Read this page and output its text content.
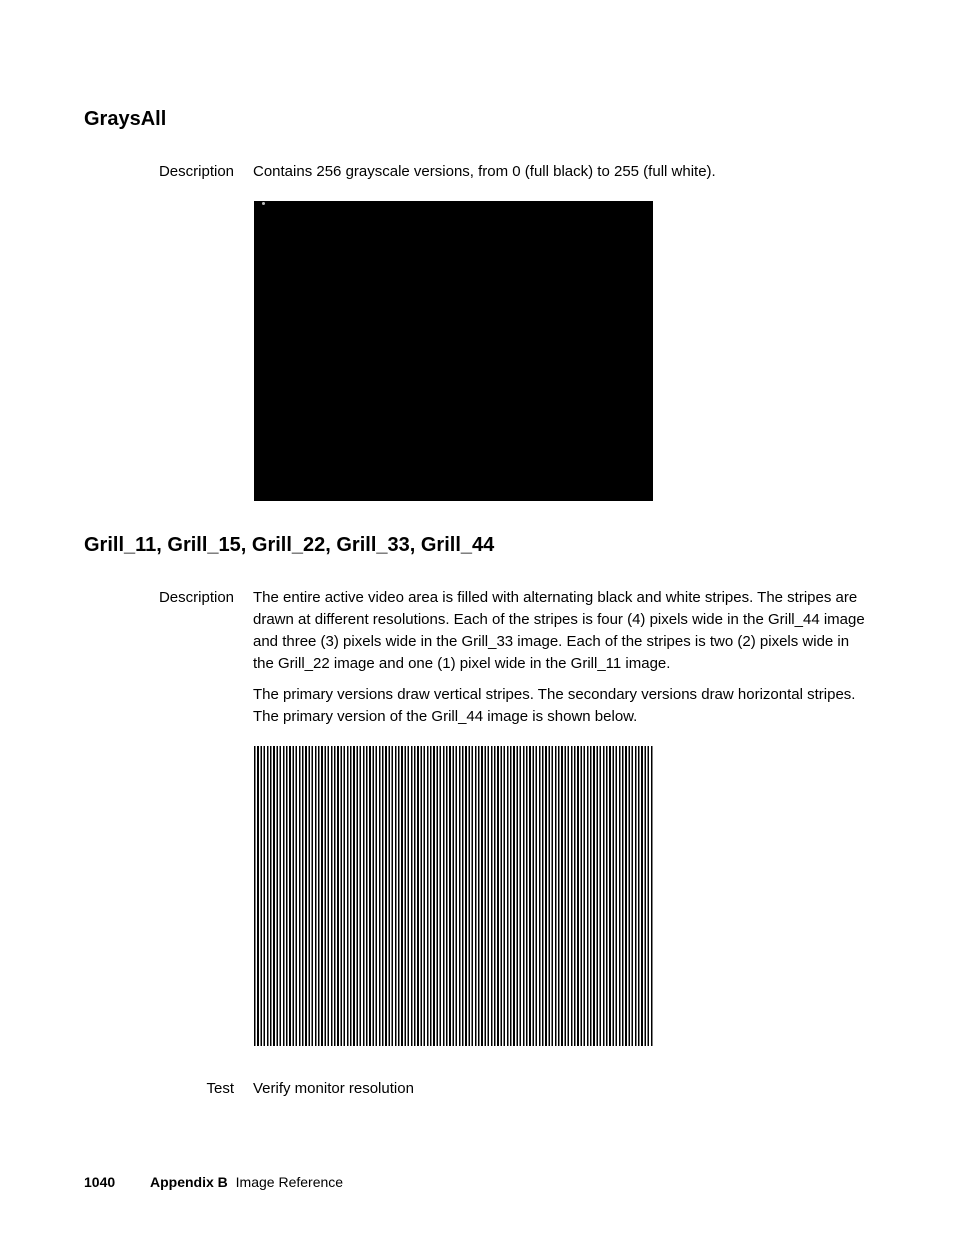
GraysAll
Description Contains 256 grayscale versions, from 0 (full black) to 255 (full white).

Grill_11, Grill_15, Grill_22, Grill_33, Grill_44
Description The entire active video area is filled with alternating black and white stripes. The stripes are drawn at different resolutions. Each of the stripes is four (4) pixels wide in the Grill_44 image and three (3) pixels wide in the Grill_33 image. Each of the stripes is two (2) pixels wide in the Grill_22 image and one (1) pixel wide in the Grill_11 image.

The primary versions draw vertical stripes. The secondary versions draw horizontal stripes. The primary version of the Grill_44 image is shown below.

Test Verify monitor resolution

1040 Appendix B Image Reference
